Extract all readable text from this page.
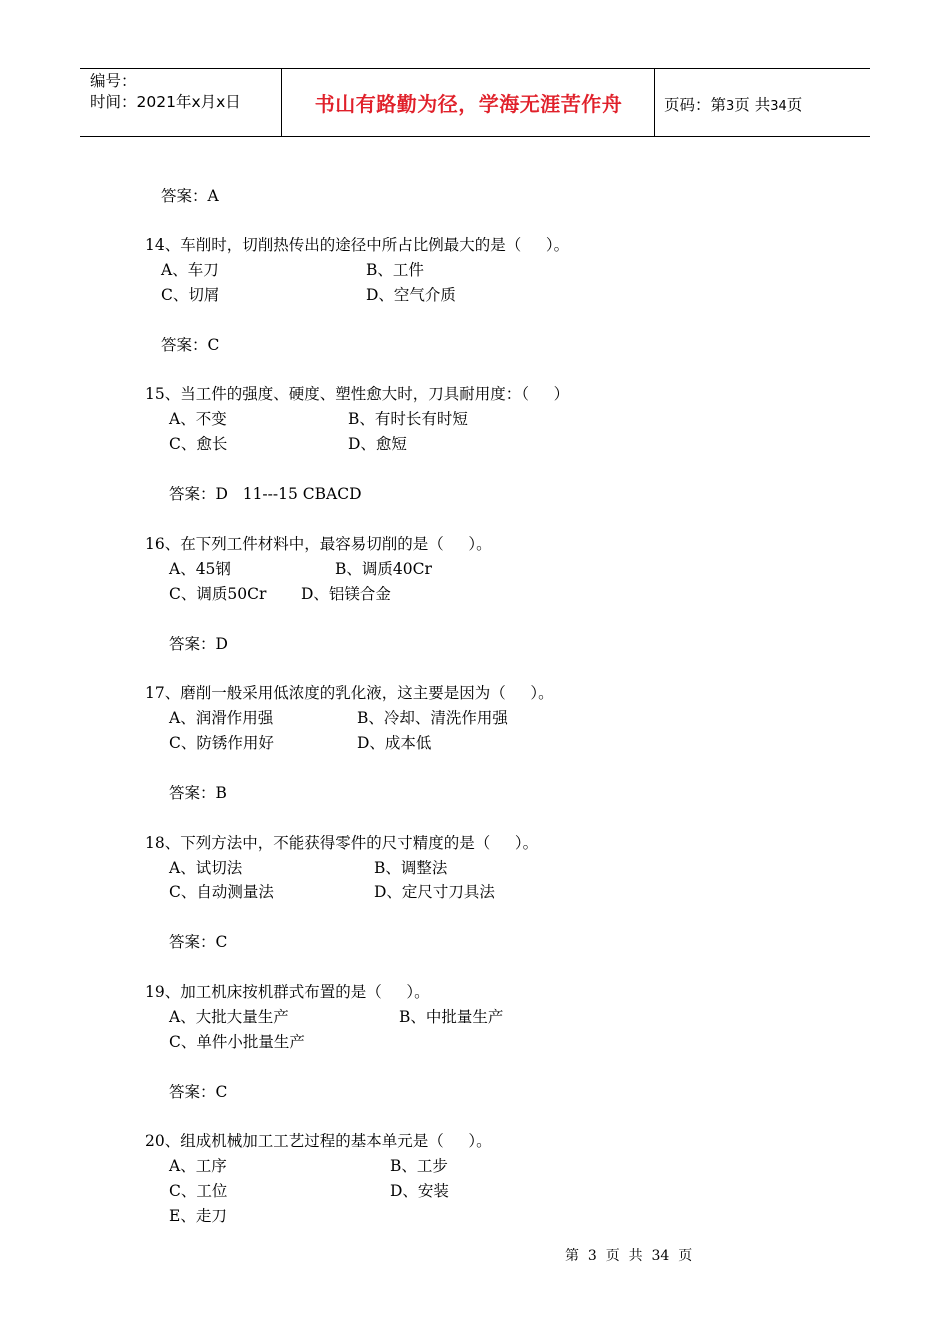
编号：
时间：2021年x月x日	书山有路勤为径，学海无涯苦作舟	页码：第3页 共34页
答案：A
14、车削时，切削热传出的途径中所占比例最大的是（     ）。
A、车刀	B、工件
C、切屑	D、空气介质
答案：C
15、当工件的强度、硬度、塑性愈大时，刀具耐用度：（     ）
A、不变	B、有时长有时短
C、愈长	D、愈短
答案：D   11---15 CBACD
16、在下列工件材料中，最容易切削的是（     ）。
A、45钢	B、调质40Cr
C、调质50Cr D、铝镁合金
答案：D
17、磨削一般采用低浓度的乳化液，这主要是因为（     ）。
A、润滑作用强	B、冷却、清洗作用强
C、防锈作用好	D、成本低
答案：B
18、下列方法中，不能获得零件的尺寸精度的是（     ）。
A、试切法	B、调整法
C、自动测量法	D、定尺寸刀具法
答案：C
19、加工机床按机群式布置的是（     ）。
A、大批大量生产	B、中批量生产
C、单件小批量生产
答案：C
20、组成机械加工工艺过程的基本单元是（     ）。
A、工序	B、工步
C、工位	D、安装
E、走刀
第  3  页  共  34  页
